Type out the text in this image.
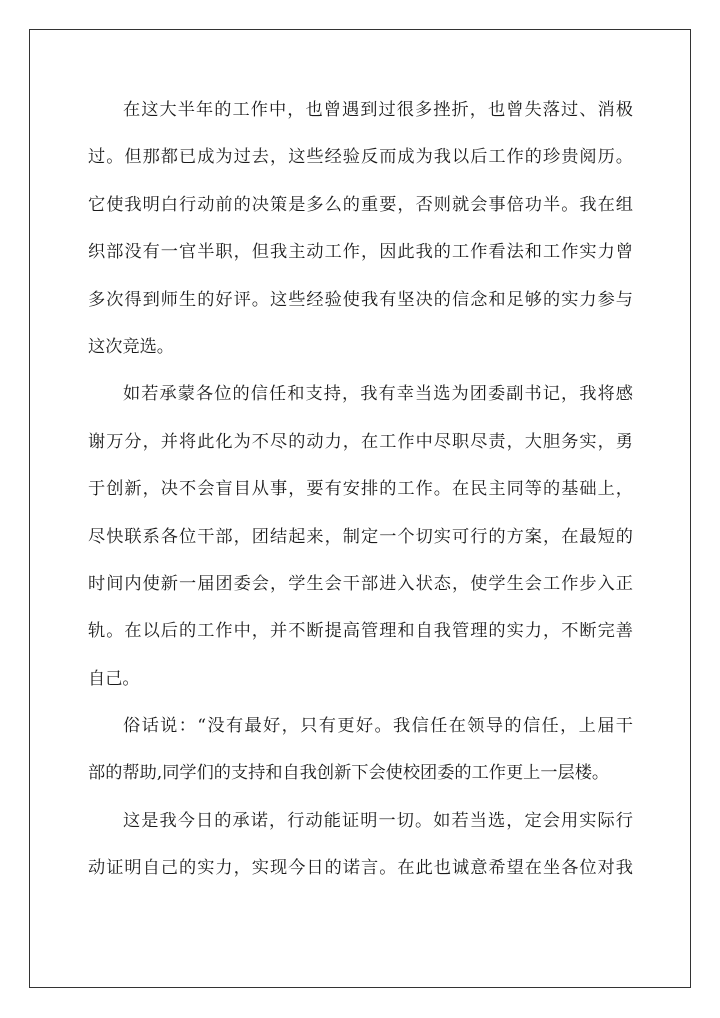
在这大半年的工作中，也曾遇到过很多挫折，也曾失落过、消极
过。但那都已成为过去，这些经验反而成为我以后工作的珍贵阅历。
它使我明白行动前的决策是多么的重要，否则就会事倍功半。我在组
织部没有一官半职，但我主动工作，因此我的工作看法和工作实力曾
多次得到师生的好评。这些经验使我有坚决的信念和足够的实力参与
这次竞选。
如若承蒙各位的信任和支持，我有幸当选为团委副书记，我将感
谢万分，并将此化为不尽的动力，在工作中尽职尽责，大胆务实，勇
于创新，决不会盲目从事，要有安排的工作。在民主同等的基础上，
尽快联系各位干部，团结起来，制定一个切实可行的方案，在最短的
时间内使新一届团委会，学生会干部进入状态，使学生会工作步入正
轨。在以后的工作中，并不断提高管理和自我管理的实力，不断完善
自己。
俗话说：“没有最好，只有更好。我信任在领导的信任，上届干
部的帮助,同学们的支持和自我创新下会使校团委的工作更上一层楼。
这是我今日的承诺，行动能证明一切。如若当选，定会用实际行
动证明自己的实力，实现今日的诺言。在此也诚意希望在坐各位对我
